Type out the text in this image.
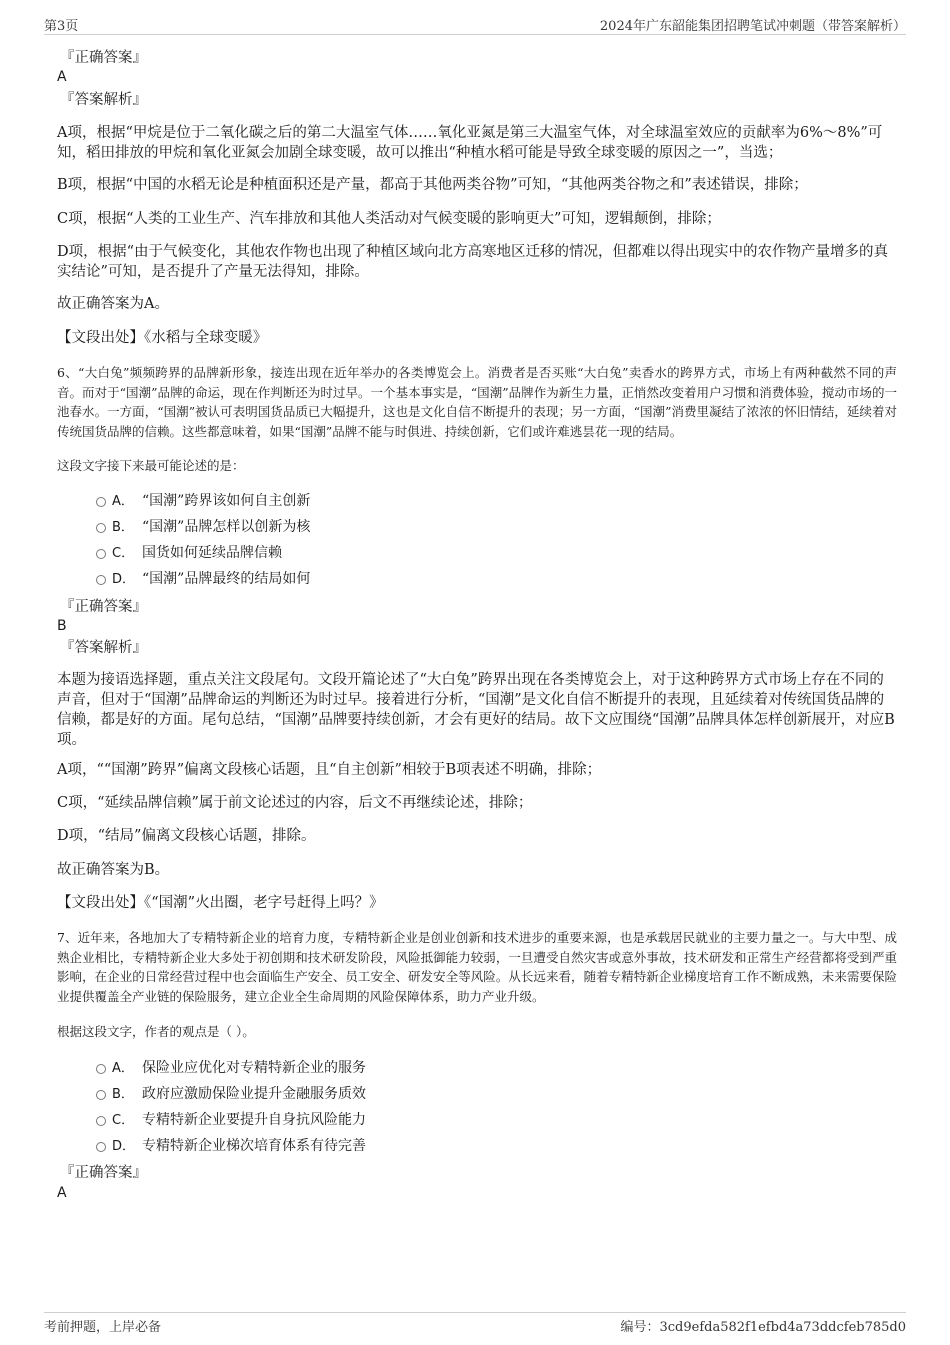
第3页	2024年广东韶能集团招聘笔试冲刺题（带答案解析）
『正确答案』
A
『答案解析』
A项，根据“甲烷是位于二氧化碳之后的第二大温室气体……氧化亚氮是第三大温室气体，对全球温室效应的贡献率为6%～8%”可知，稻田排放的甲烷和氧化亚氮会加剧全球变暖，故可以推出“种植水稻可能是导致全球变暖的原因之一”，当选；
B项，根据“中国的水稻无论是种植面积还是产量，都高于其他两类谷物”可知，“其他两类谷物之和”表述错误，排除；
C项，根据“人类的工业生产、汽车排放和其他人类活动对气候变暖的影响更大”可知，逻辑颠倒，排除；
D项，根据“由于气候变化，其他农作物也出现了种植区域向北方高寒地区迁移的情况，但都难以得出现实中的农作物产量增多的真实结论”可知，是否提升了产量无法得知，排除。
故正确答案为A。
【文段出处】《水稻与全球变暖》
6、“大白兔”频频跨界的品牌新形象，接连出现在近年举办的各类博览会上。消费者是否买账“大白兔”卖香水的跨界方式，市场上有两种截然不同的声音。而对于“国潮”品牌的命运，现在作判断还为时过早。一个基本事实是，“国潮”品牌作为新生力量，正悄然改变着用户习惯和消费体验，搅动市场的一池春水。一方面，“国潮”被认可表明国货品质已大幅提升，这也是文化自信不断提升的表现；另一方面，“国潮”消费里凝结了浓浓的怀旧情结，延续着对传统国货品牌的信赖。这些都意味着，如果“国潮”品牌不能与时俱进、持续创新，它们或许难逃昙花一现的结局。
这段文字接下来最可能论述的是：
A． “国潮”跨界该如何自主创新
B． “国潮”品牌怎样以创新为核
C． 国货如何延续品牌信赖
D． “国潮”品牌最终的结局如何
『正确答案』
B
『答案解析』
本题为接语选择题，重点关注文段尾句。文段开篇论述了“大白兔”跨界出现在各类博览会上，对于这种跨界方式市场上存在不同的声音，但对于“国潮”品牌命运的判断还为时过早。接着进行分析，“国潮”是文化自信不断提升的表现，且延续着对传统国货品牌的信赖，都是好的方面。尾句总结，“国潮”品牌要持续创新，才会有更好的结局。故下文应围绕“国潮”品牌具体怎样创新展开，对应B项。
A项，““国潮”跨界”偏离文段核心话题，且“自主创新”相较于B项表述不明确，排除；
C项，“延续品牌信赖”属于前文论述过的内容，后文不再继续论述，排除；
D项，“结局”偏离文段核心话题，排除。
故正确答案为B。
【文段出处】《“国潮”火出圈，老字号赶得上吗？》
7、近年来，各地加大了专精特新企业的培育力度，专精特新企业是创业创新和技术进步的重要来源，也是承载居民就业的主要力量之一。与大中型、成熟企业相比，专精特新企业大多处于初创期和技术研发阶段，风险抵御能力较弱，一旦遭受自然灾害或意外事故，技术研发和正常生产经营都将受到严重影响，在企业的日常经营过程中也会面临生产安全、员工安全、研发安全等风险。从长远来看，随着专精特新企业梯度培育工作不断成熟，未来需要保险业提供覆盖全产业链的保险服务，建立企业全生命周期的风险保障体系，助力产业升级。
根据这段文字，作者的观点是（ ）。
A． 保险业应优化对专精特新企业的服务
B． 政府应激励保险业提升金融服务质效
C． 专精特新企业要提升自身抗风险能力
D． 专精特新企业梯次培育体系有待完善
『正确答案』
A
考前押题，上岸必备	编号：3cd9efda582f1efbd4a73ddcfeb785d0
